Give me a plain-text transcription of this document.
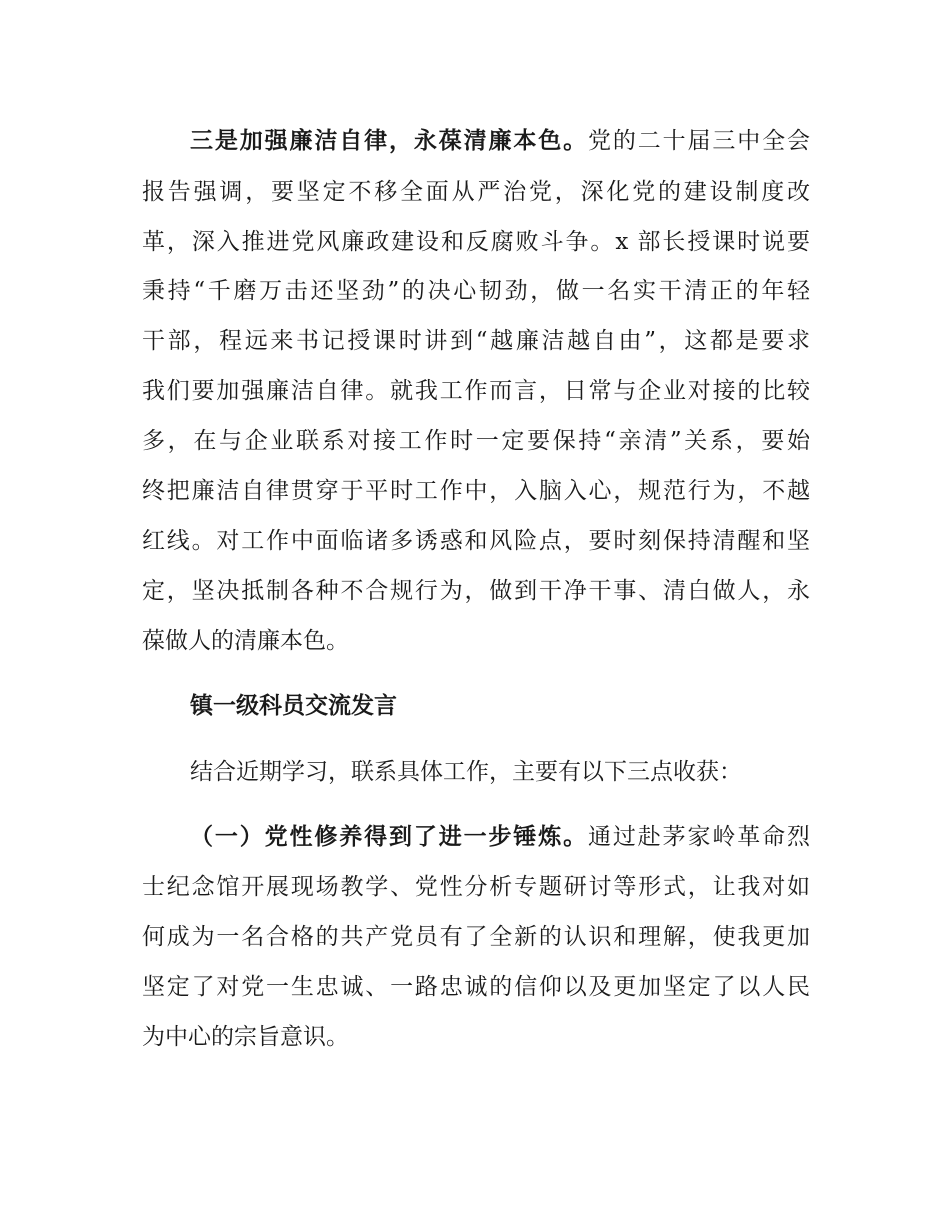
三是加强廉洁自律，永葆清廉本色。党的二十届三中全会
报告强调，要坚定不移全面从严治党，深化党的建设制度改
革，深入推进党风廉政建设和反腐败斗争。x 部长授课时说要
秉持“千磨万击还坚劲”的决心韧劲，做一名实干清正的年轻
干部，程远来书记授课时讲到“越廉洁越自由”，这都是要求
我们要加强廉洁自律。就我工作而言，日常与企业对接的比较
多，在与企业联系对接工作时一定要保持“亲清”关系，要始
终把廉洁自律贯穿于平时工作中，入脑入心，规范行为，不越
红线。对工作中面临诸多诱惑和风险点，要时刻保持清醒和坚
定，坚决抵制各种不合规行为，做到干净干事、清白做人，永
葆做人的清廉本色。
镇一级科员交流发言
结合近期学习，联系具体工作，主要有以下三点收获：
（一）党性修养得到了进一步锤炼。通过赴茅家岭革命烈
士纪念馆开展现场教学、党性分析专题研讨等形式，让我对如
何成为一名合格的共产党员有了全新的认识和理解，使我更加
坚定了对党一生忠诚、一路忠诚的信仰以及更加坚定了以人民
为中心的宗旨意识。
